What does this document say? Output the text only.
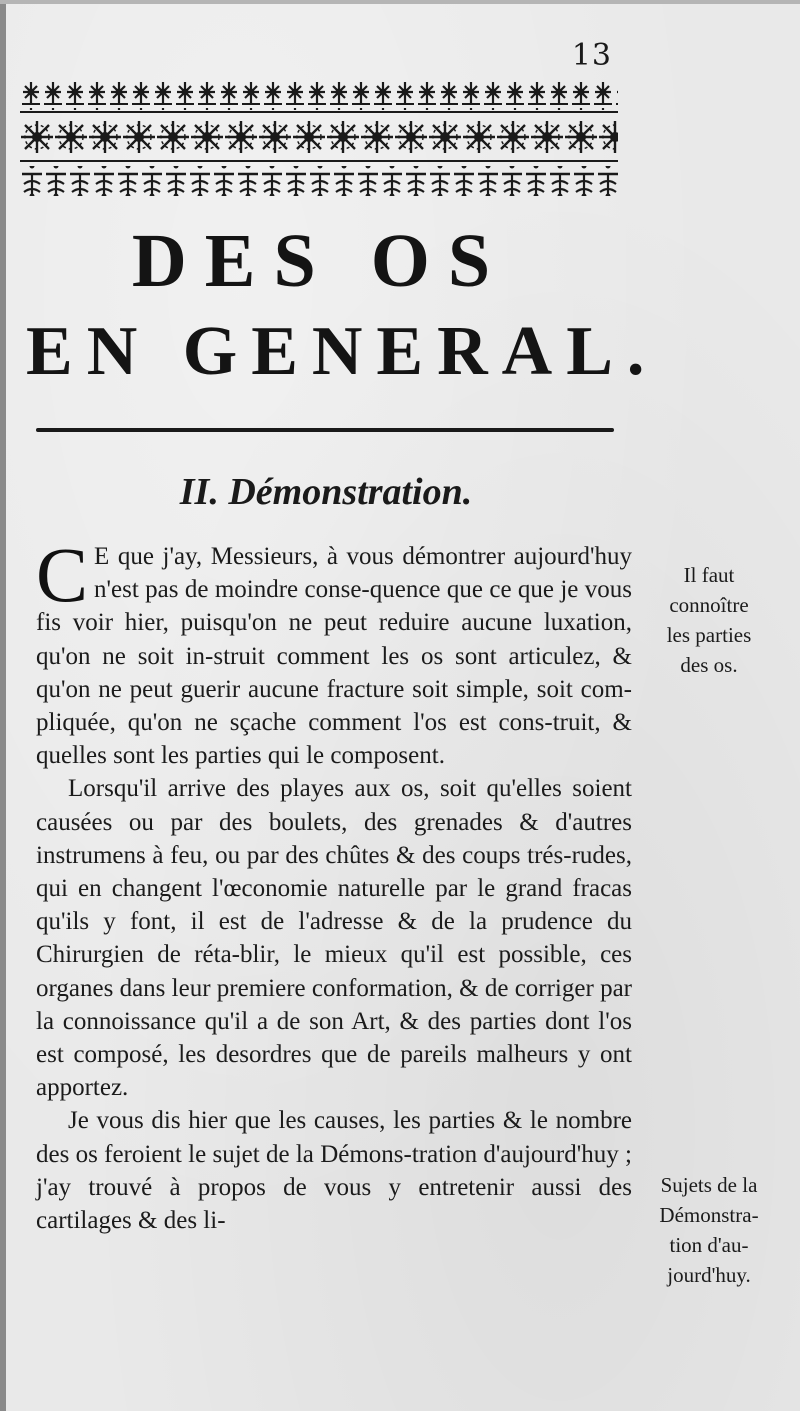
13
DES OS
EN GENERAL.
II. Démonstration.

C E que j'ay, Messieurs, à vous démontrer aujourd'huy n'est pas de moindre conse-quence que ce que je vous fis voir hier, puisqu'on ne peut reduire aucune luxation, qu'on ne soit in-struit comment les os sont articulez, & qu'on ne peut guerir aucune fracture soit simple, soit com-pliquée, qu'on ne sçache comment l'os est cons-truit, & quelles sont les parties qui le composent.

Lorsqu'il arrive des playes aux os, soit qu'elles soient causées ou par des boulets, des grenades & d'autres instrumens à feu, ou par des chûtes & des coups trés-rudes, qui en changent l'œconomie naturelle par le grand fracas qu'ils y font, il est de l'adresse & de la prudence du Chirurgien de réta-blir, le mieux qu'il est possible, ces organes dans leur premiere conformation, & de corriger par la connoissance qu'il a de son Art, & des parties dont l'os est composé, les desordres que de pareils malheurs y ont apportez.

Je vous dis hier que les causes, les parties & le nombre des os feroient le sujet de la Démons-tration d'aujourd'huy ; j'ay trouvé à propos de vous y entretenir aussi des cartilages & des li-

Il faut
connoître
les parties
des os.
Sujets de la
Démonstra-
tion d'au-
jourd'huy.
